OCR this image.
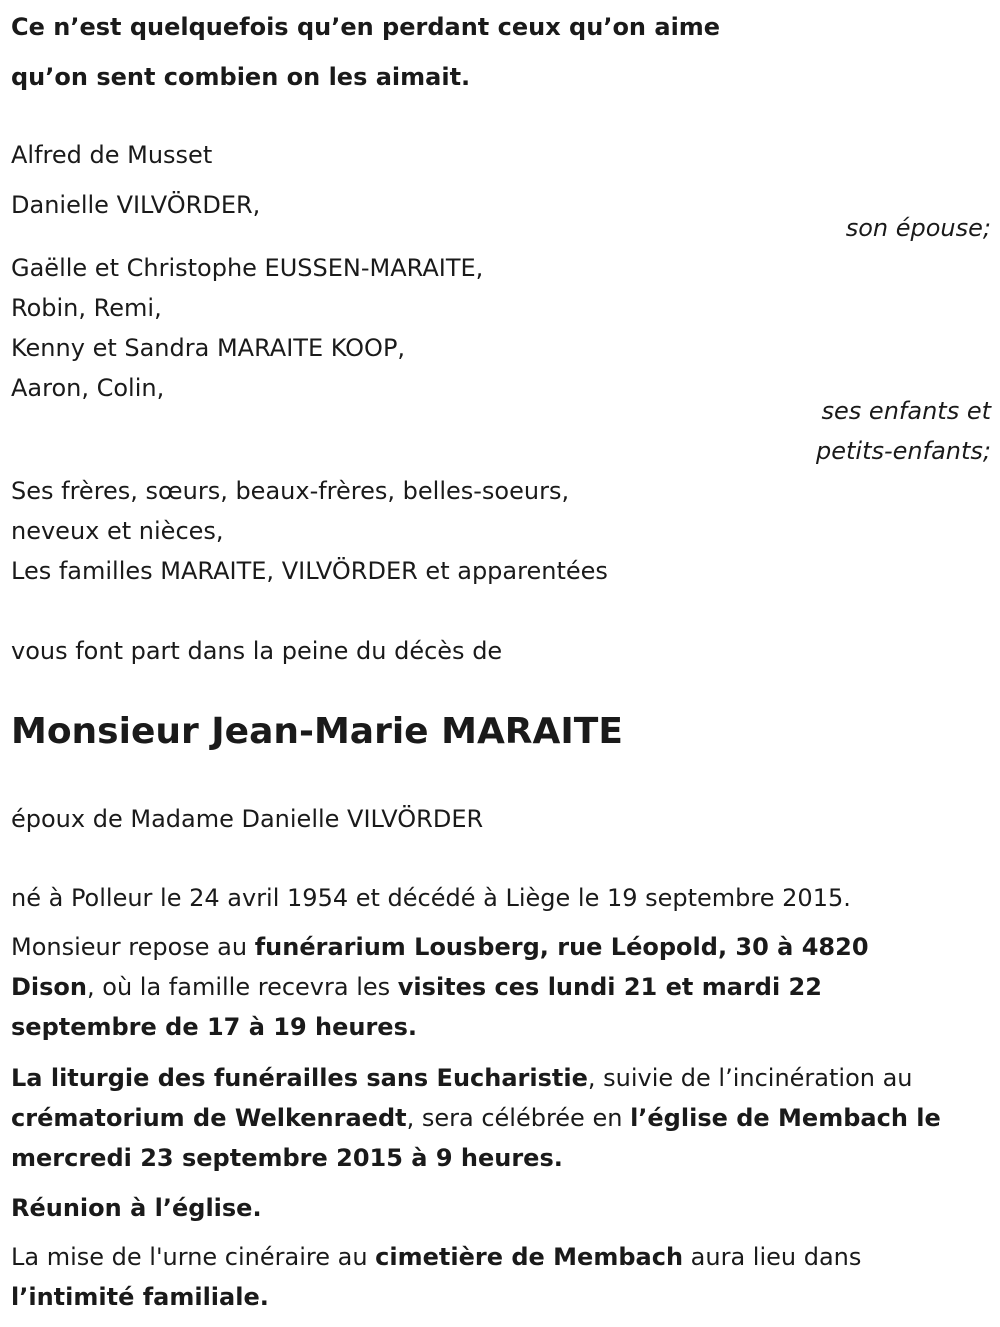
Ce n’est quelquefois qu’en perdant ceux qu’on aime
qu’on sent combien on les aimait.
Alfred de Musset
Danielle VILVÖRDER,
son épouse;
Gaëlle et Christophe EUSSEN-MARAITE,
Robin, Remi,
Kenny et Sandra MARAITE KOOP,
Aaron, Colin,
ses enfants et
petits-enfants;
Ses frères, sœurs, beaux-frères, belles-soeurs,
neveux et nièces,
Les familles MARAITE, VILVÖRDER et apparentées
vous font part dans la peine du décès de
Monsieur Jean-Marie MARAITE
époux de Madame Danielle VILVÖRDER
né à Polleur le 24 avril 1954 et décédé à Liège le 19 septembre 2015.
Monsieur repose au funérarium Lousberg, rue Léopold, 30 à 4820
Dison, où la famille recevra les visites ces lundi 21 et mardi 22
septembre de 17 à 19 heures.
La liturgie des funérailles sans Eucharistie, suivie de l’incinération au
crématorium de Welkenraedt, sera célébrée en l’église de Membach le
mercredi 23 septembre 2015 à 9 heures.
Réunion à l’église.
La mise de l'urne cinéraire au cimetière de Membach aura lieu dans
l’intimité familiale.
